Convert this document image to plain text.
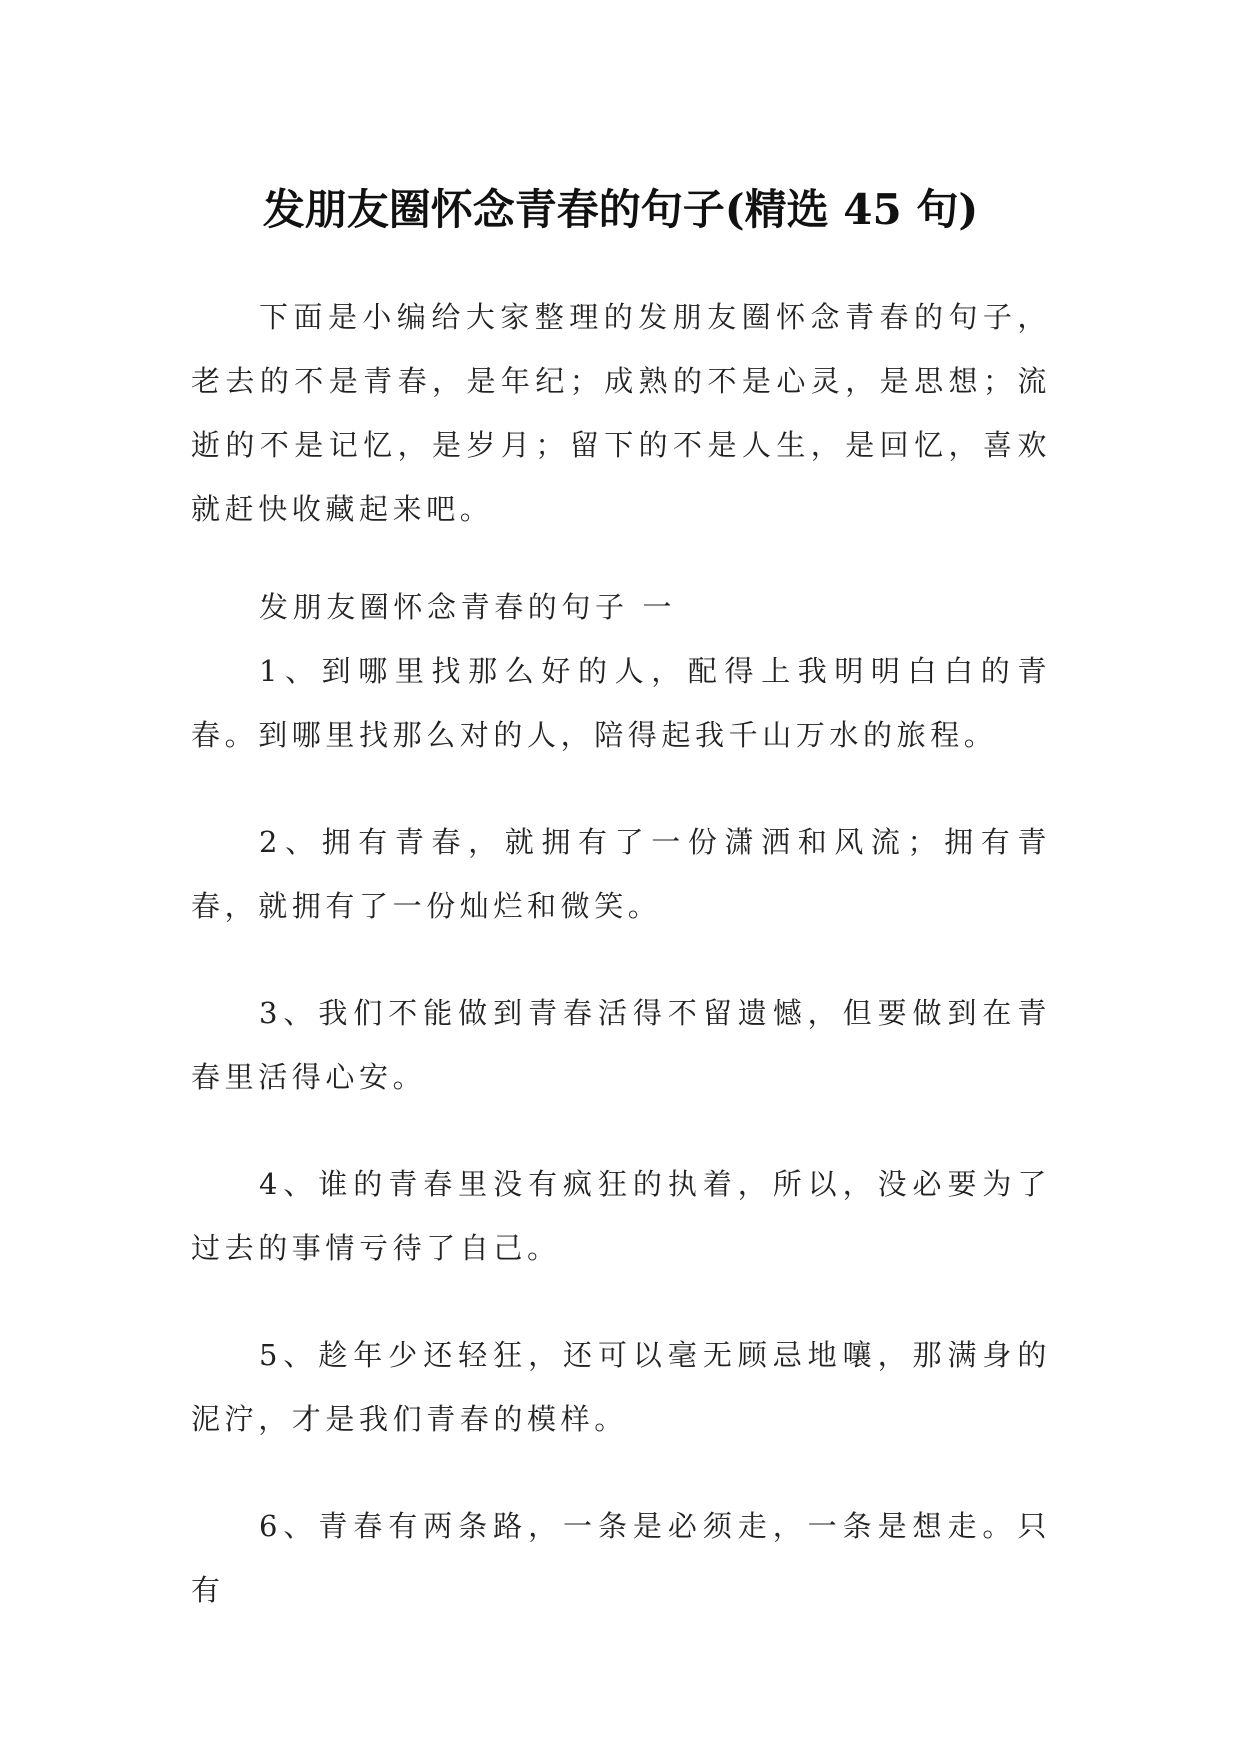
发朋友圈怀念青春的句子(精选 45 句)

下面是小编给大家整理的发朋友圈怀念青春的句子，老去的不是青春，是年纪；成熟的不是心灵，是思想；流逝的不是记忆，是岁月；留下的不是人生，是回忆，喜欢就赶快收藏起来吧。

发朋友圈怀念青春的句子 一

1、到哪里找那么好的人，配得上我明明白白的青春。到哪里找那么对的人，陪得起我千山万水的旅程。

2、拥有青春，就拥有了一份潇洒和风流；拥有青春，就拥有了一份灿烂和微笑。

3、我们不能做到青春活得不留遗憾，但要做到在青春里活得心安。

4、谁的青春里没有疯狂的执着，所以，没必要为了过去的事情亏待了自己。

5、趁年少还轻狂，还可以毫无顾忌地嚷，那满身的泥泞，才是我们青春的模样。

6、青春有两条路，一条是必须走，一条是想走。只有
